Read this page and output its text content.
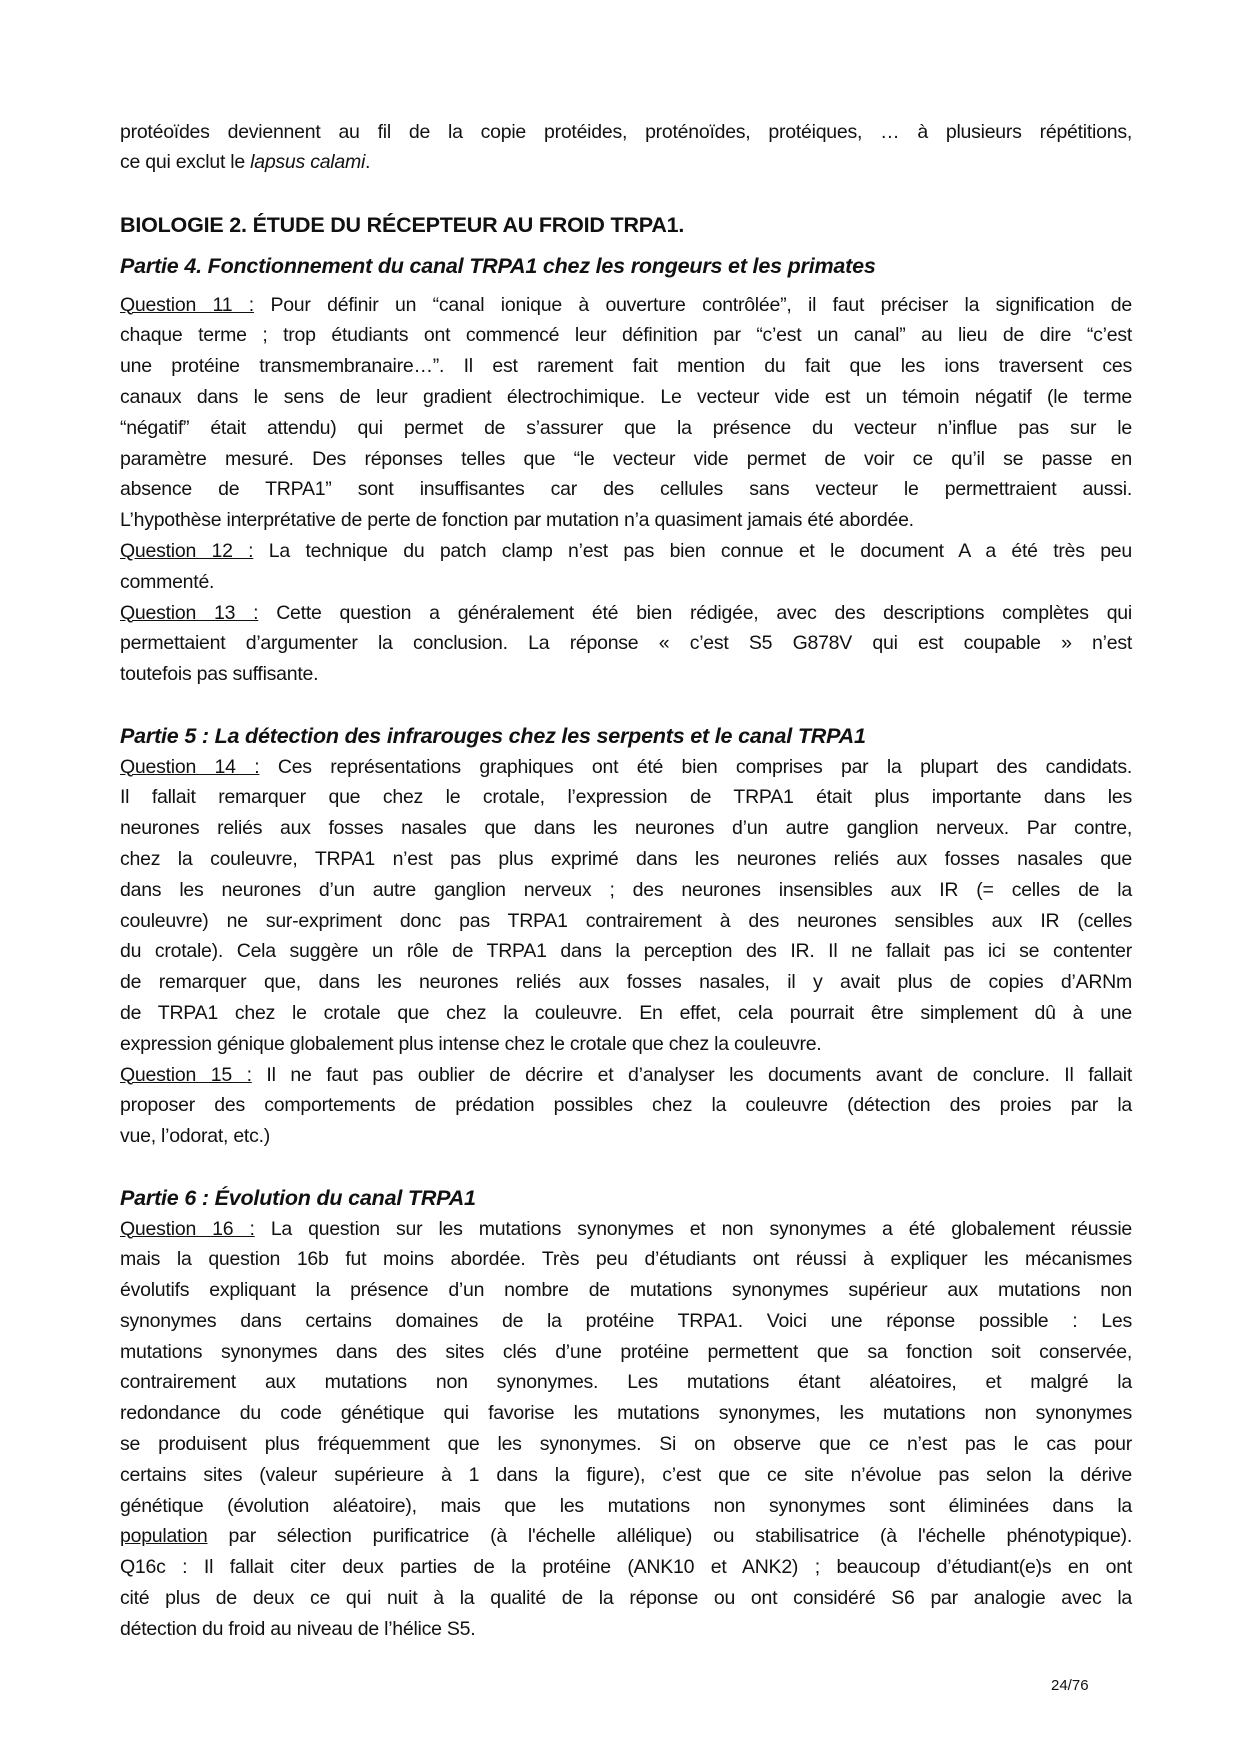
protéoïdes deviennent au fil de la copie protéides, proténoïdes, protéiques, … à plusieurs répétitions,
ce qui exclut le lapsus calami.
BIOLOGIE 2. ÉTUDE DU RÉCEPTEUR AU FROID TRPA1.
Partie 4. Fonctionnement du canal TRPA1 chez les rongeurs et les primates
Question 11 : Pour définir un “canal ionique à ouverture contrôlée”, il faut préciser la signification de
chaque terme ; trop étudiants ont commencé leur définition par “c’est un canal” au lieu de dire “c’est
une protéine transmembranaire…”. Il est rarement fait mention du fait que les ions traversent ces
canaux dans le sens de leur gradient électrochimique. Le vecteur vide est un témoin négatif (le terme
“négatif” était attendu) qui permet de s’assurer que la présence du vecteur n’influe pas sur le
paramètre mesuré. Des réponses telles que “le vecteur vide permet de voir ce qu’il se passe en
absence de TRPA1” sont insuffisantes car des cellules sans vecteur le permettraient aussi.
L’hypothèse interprétative de perte de fonction par mutation n’a quasiment jamais été abordée.
Question 12 : La technique du patch clamp n’est pas bien connue et le document A a été très peu
commenté.
Question 13 : Cette question a généralement été bien rédigée, avec des descriptions complètes qui
permettaient d’argumenter la conclusion. La réponse « c’est S5 G878V qui est coupable » n’est
toutefois pas suffisante.
Partie 5 : La détection des infrarouges chez les serpents et le canal TRPA1
Question 14 : Ces représentations graphiques ont été bien comprises par la plupart des candidats.
Il fallait remarquer que chez le crotale, l’expression de TRPA1 était plus importante dans les
neurones reliés aux fosses nasales que dans les neurones d’un autre ganglion nerveux. Par contre,
chez la couleuvre, TRPA1 n’est pas plus exprimé dans les neurones reliés aux fosses nasales que
dans les neurones d’un autre ganglion nerveux ; des neurones insensibles aux IR (= celles de la
couleuvre) ne sur-expriment donc pas TRPA1 contrairement à des neurones sensibles aux IR (celles
du crotale). Cela suggère un rôle de TRPA1 dans la perception des IR. Il ne fallait pas ici se contenter
de remarquer que, dans les neurones reliés aux fosses nasales, il y avait plus de copies d’ARNm
de TRPA1 chez le crotale que chez la couleuvre. En effet, cela pourrait être simplement dû à une
expression génique globalement plus intense chez le crotale que chez la couleuvre.
Question 15 : Il ne faut pas oublier de décrire et d’analyser les documents avant de conclure. Il fallait
proposer des comportements de prédation possibles chez la couleuvre (détection des proies par la
vue, l’odorat, etc.)
Partie 6 : Évolution du canal TRPA1
Question 16 : La question sur les mutations synonymes et non synonymes a été globalement réussie
mais la question 16b fut moins abordée. Très peu d’étudiants ont réussi à expliquer les mécanismes
évolutifs expliquant la présence d’un nombre de mutations synonymes supérieur aux mutations non
synonymes dans certains domaines de la protéine TRPA1. Voici une réponse possible : Les
mutations synonymes dans des sites clés d’une protéine permettent que sa fonction soit conservée,
contrairement aux mutations non synonymes. Les mutations étant aléatoires, et malgré la
redondance du code génétique qui favorise les mutations synonymes, les mutations non synonymes
se produisent plus fréquemment que les synonymes. Si on observe que ce n’est pas le cas pour
certains sites (valeur supérieure à 1 dans la figure), c’est que ce site n’évolue pas selon la dérive
génétique (évolution aléatoire), mais que les mutations non synonymes sont éliminées dans la
population par sélection purificatrice (à l'échelle allélique) ou stabilisatrice (à l'échelle phénotypique).
Q16c : Il fallait citer deux parties de la protéine (ANK10 et ANK2) ; beaucoup d’étudiant(e)s en ont
cité plus de deux ce qui nuit à la qualité de la réponse ou ont considéré S6 par analogie avec la
détection du froid au niveau de l’hélice S5.
24/76
